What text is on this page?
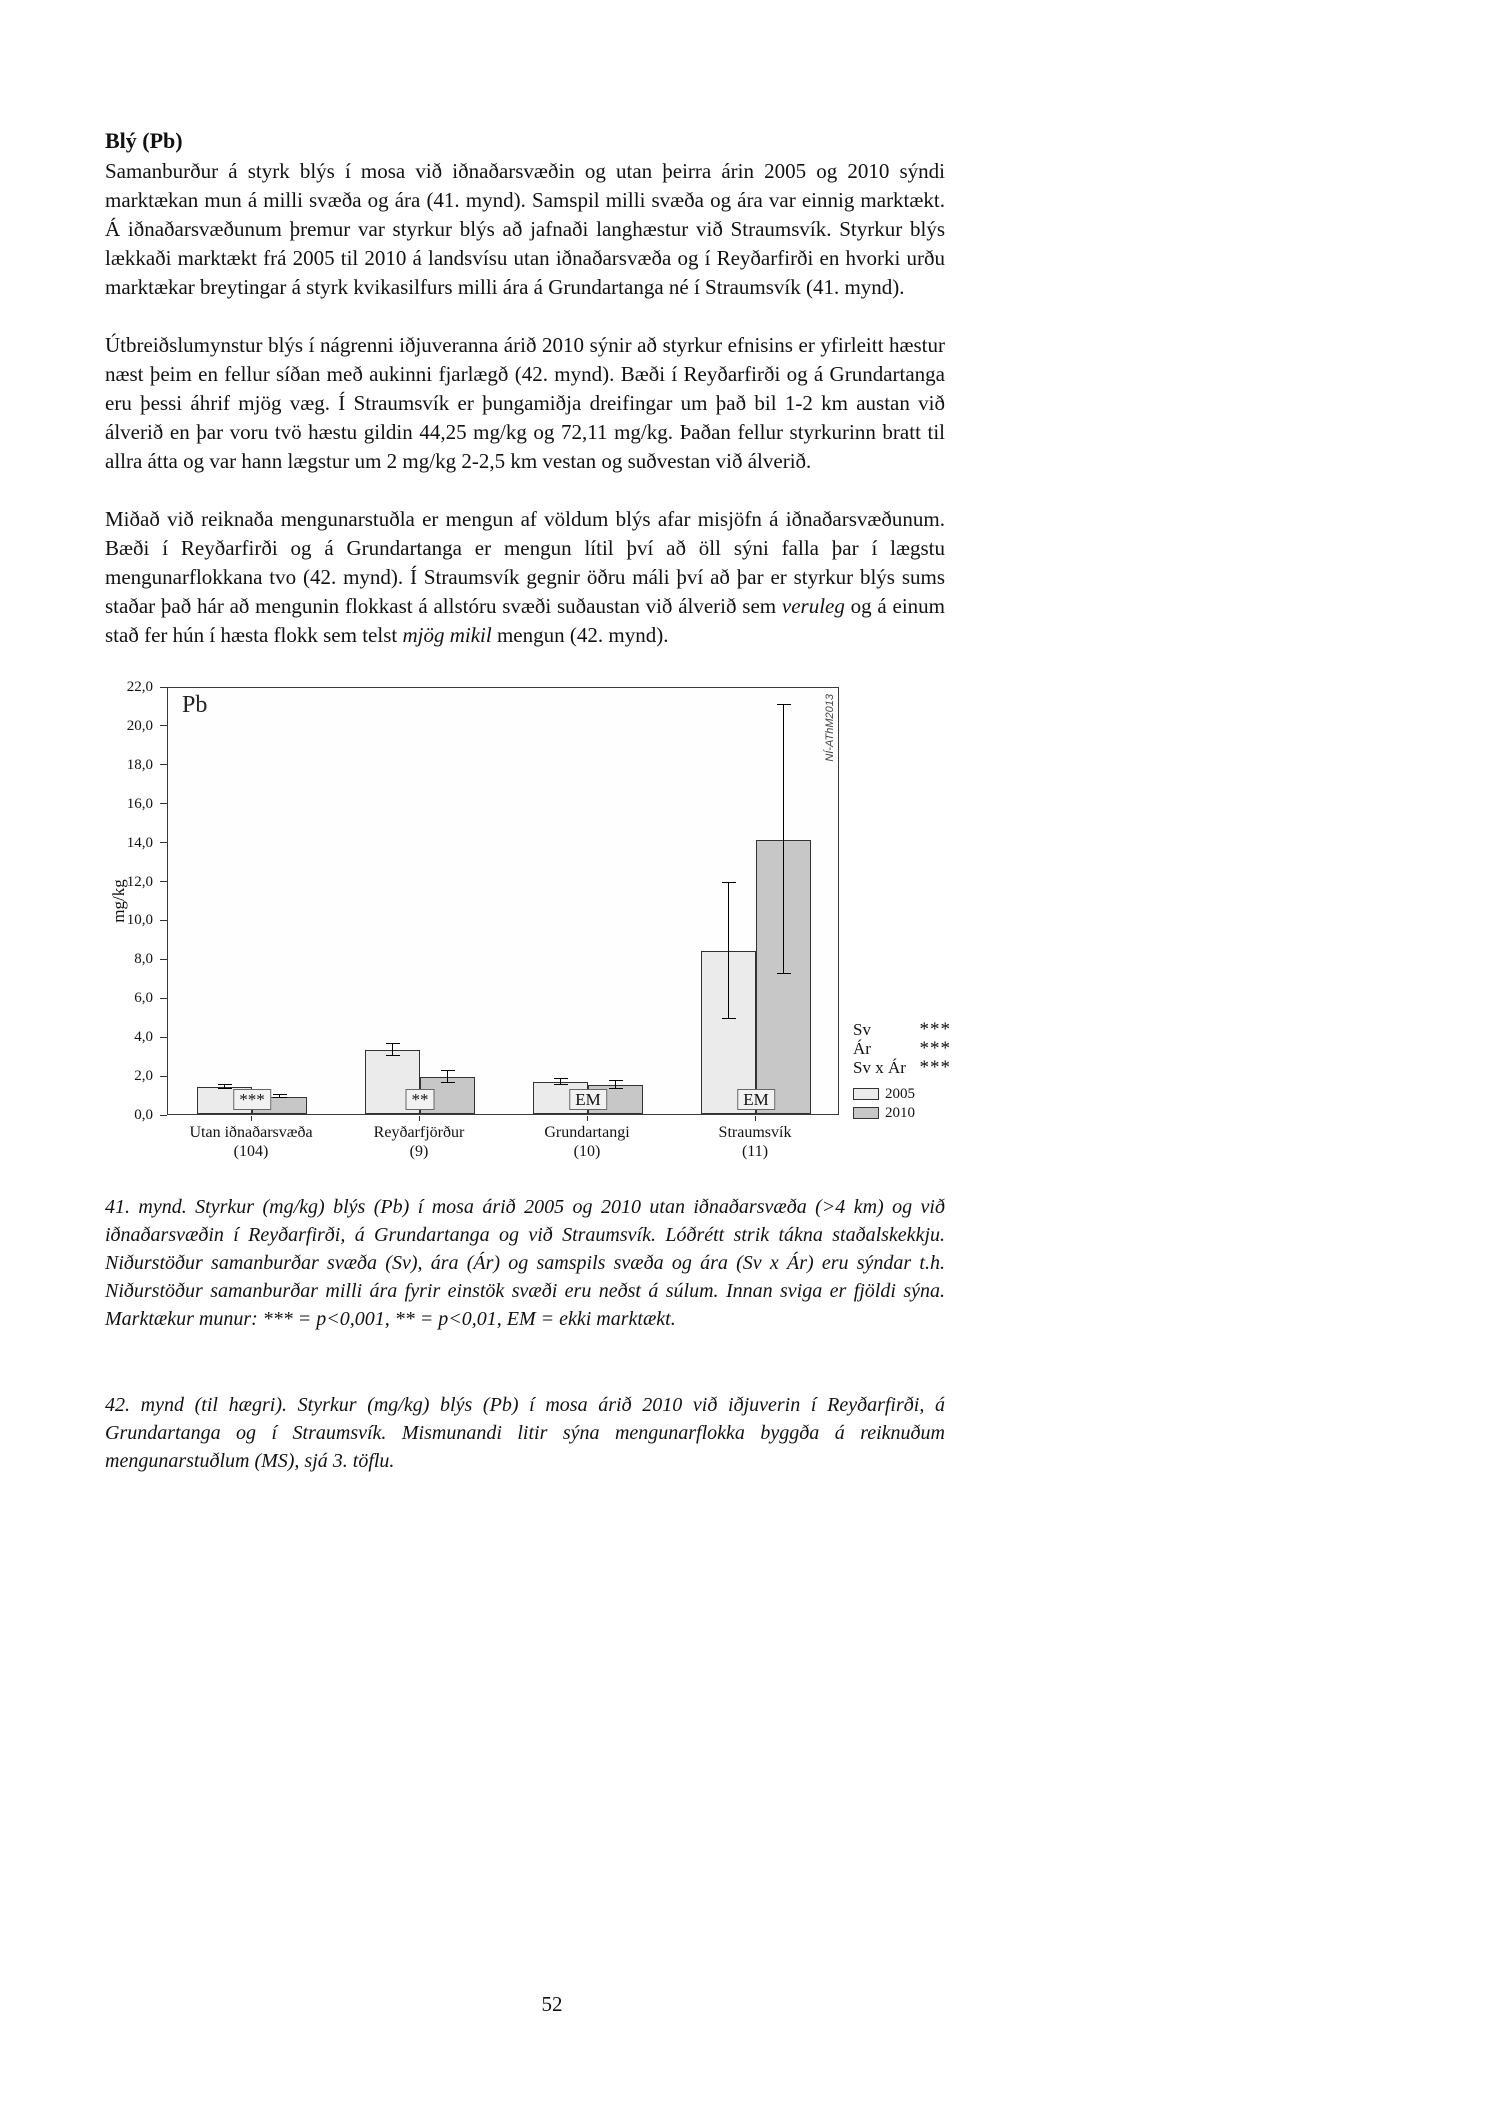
Blý (Pb)

Samanburður á styrk blýs í mosa við iðnaðarsvæðin og utan þeirra árin 2005 og 2010 sýndi marktækan mun á milli svæða og ára (41. mynd). Samspil milli svæða og ára var einnig marktækt. Á iðnaðarsvæðunum þremur var styrkur blýs að jafnaði langhæstur við Straumsvík. Styrkur blýs lækkaði marktækt frá 2005 til 2010 á landsvísu utan iðnaðarsvæða og í Reyðarfirði en hvorki urðu marktækar breytingar á styrk kvikasilfurs milli ára á Grundartanga né í Straumsvík (41. mynd).

Útbreiðslumynstur blýs í nágrenni iðjuveranna árið 2010 sýnir að styrkur efnisins er yfirleitt hæstur næst þeim en fellur síðan með aukinni fjarlægð (42. mynd). Bæði í Reyðarfirði og á Grundartanga eru þessi áhrif mjög væg. Í Straumsvík er þungamiðja dreifingar um það bil 1-2 km austan við álverið en þar voru tvö hæstu gildin 44,25 mg/kg og 72,11 mg/kg. Þaðan fellur styrkurinn bratt til allra átta og var hann lægstur um 2 mg/kg 2-2,5 km vestan og suðvestan við álverið.

Miðað við reiknaða mengunarstuðla er mengun af völdum blýs afar misjöfn á iðnaðarsvæðunum. Bæði í Reyðarfirði og á Grundartanga er mengun lítil því að öll sýni falla þar í lægstu mengunarflokkana tvo (42. mynd). Í Straumsvík gegnir öðru máli því að þar er styrkur blýs sums staðar það hár að mengunin flokkast á allstóru svæði suðaustan við álverið sem veruleg og á einum stað fer hún í hæsta flokk sem telst mjög mikil mengun (42. mynd).

mg/kg
Pb	NÍ-AThM2013
***	**	EM	EM
Sv	***
Ár	***
Sv x Ár ***
2005
2010
0,0
2,0
4,0
6,0
8,0
10,0
12,0
14,0
16,0
18,0
20,0
22,0
Utan iðnaðarsvæða
(104)
Reyðarfjörður
(9)
Grundartangi
(10)
Straumsvík
(11)

41. mynd. Styrkur (mg/kg) blýs (Pb) í mosa árið 2005 og 2010 utan iðnaðarsvæða (>4 km) og við iðnaðarsvæðin í Reyðarfirði, á Grundartanga og við Straumsvík. Lóðrétt strik tákna staðalskekkju. Niðurstöður samanburðar svæða (Sv), ára (Ár) og samspils svæða og ára (Sv x Ár) eru sýndar t.h. Niðurstöður samanburðar milli ára fyrir einstök svæði eru neðst á súlum. Innan sviga er fjöldi sýna. Marktækur munur: *** = p<0,001, ** = p<0,01, EM = ekki marktækt.

42. mynd (til hægri). Styrkur (mg/kg) blýs (Pb) í mosa árið 2010 við iðjuverin í Reyðarfirði, á Grundartanga og í Straumsvík. Mismunandi litir sýna mengunarflokka byggða á reiknuðum mengunarstuðlum (MS), sjá 3. töflu.

52
